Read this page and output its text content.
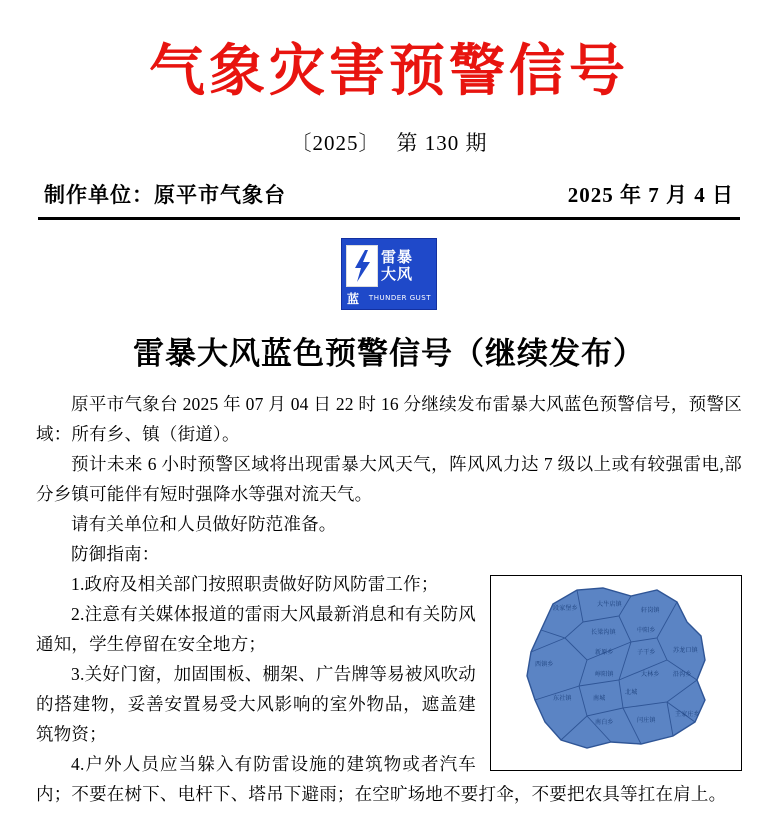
气象灾害预警信号
〔2025〕 第 130 期
制作单位：原平市气象台	2025 年 7 月 4 日
雷暴
大风
蓝 THUNDER GUST
雷暴大风蓝色预警信号（继续发布）

原平市气象台 2025 年 07 月 04 日 22 时 16 分继续发布雷暴大风蓝色预警信号，预警区域：所有乡、镇（街道）。

预计未来 6 小时预警区域将出现雷暴大风天气，阵风风力达 7 级以上或有较强雷电,部分乡镇可能伴有短时强降水等强对流天气。

请有关单位和人员做好防范准备。

防御指南：

段家堡乡
大牛店镇
轩岗镇
西镇乡
长梁沟镇	中阳乡
新原乡	子干乡	苏龙口镇
崞阳镇	大林乡 沿沟乡
东社镇	南城
北城
南白乡	闫庄镇
王家庄乡

1.政府及相关部门按照职责做好防风防雷工作；

2.注意有关媒体报道的雷雨大风最新消息和有关防风通知，学生停留在安全地方；

3.关好门窗，加固围板、棚架、广告牌等易被风吹动的搭建物，妥善安置易受大风影响的室外物品，遮盖建筑物资；

4.户外人员应当躲入有防雷设施的建筑物或者汽车内；不要在树下、电杆下、塔吊下避雨；在空旷场地不要打伞，不要把农具等扛在肩上。
